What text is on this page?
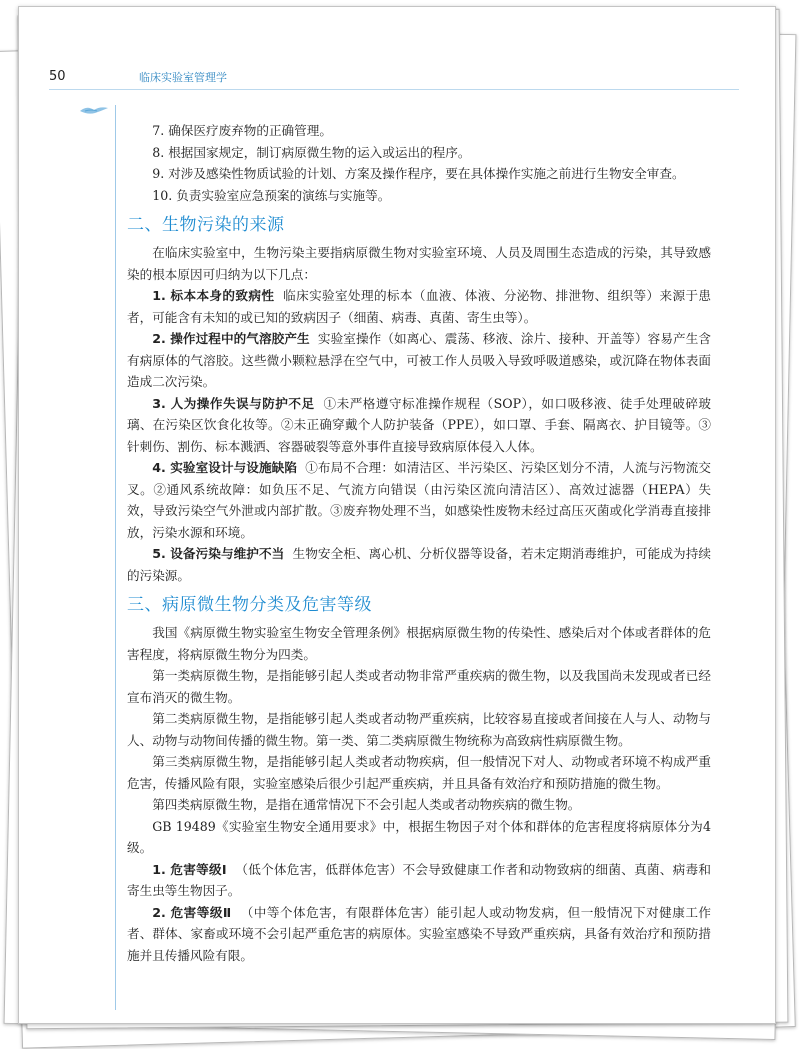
50	临床实验室管理学

7. 确保医疗废弃物的正确管理。

8. 根据国家规定，制订病原微生物的运入或运出的程序。

9. 对涉及感染性物质试验的计划、方案及操作程序，要在具体操作实施之前进行生物安全审查。

10. 负责实验室应急预案的演练与实施等。

二、生物污染的来源

在临床实验室中，生物污染主要指病原微生物对实验室环境、人员及周围生态造成的污染，其导致感染的根本原因可归纳为以下几点：

1. 标本本身的致病性 临床实验室处理的标本（血液、体液、分泌物、排泄物、组织等）来源于患者，可能含有未知的或已知的致病因子（细菌、病毒、真菌、寄生虫等）。

2. 操作过程中的气溶胶产生 实验室操作（如离心、震荡、移液、涂片、接种、开盖等）容易产生含有病原体的气溶胶。这些微小颗粒悬浮在空气中，可被工作人员吸入导致呼吸道感染，或沉降在物体表面造成二次污染。

3. 人为操作失误与防护不足 ①未严格遵守标准操作规程（SOP），如口吸移液、徒手处理破碎玻璃、在污染区饮食化妆等。②未正确穿戴个人防护装备（PPE），如口罩、手套、隔离衣、护目镜等。③针刺伤、割伤、标本溅洒、容器破裂等意外事件直接导致病原体侵入人体。

4. 实验室设计与设施缺陷 ①布局不合理：如清洁区、半污染区、污染区划分不清，人流与污物流交叉。②通风系统故障：如负压不足、气流方向错误（由污染区流向清洁区）、高效过滤器（HEPA）失效，导致污染空气外泄或内部扩散。③废弃物处理不当，如感染性废物未经过高压灭菌或化学消毒直接排放，污染水源和环境。

5. 设备污染与维护不当 生物安全柜、离心机、分析仪器等设备，若未定期消毒维护，可能成为持续的污染源。

三、病原微生物分类及危害等级

我国《病原微生物实验室生物安全管理条例》根据病原微生物的传染性、感染后对个体或者群体的危害程度，将病原微生物分为四类。

第一类病原微生物，是指能够引起人类或者动物非常严重疾病的微生物，以及我国尚未发现或者已经宣布消灭的微生物。

第二类病原微生物，是指能够引起人类或者动物严重疾病，比较容易直接或者间接在人与人、动物与人、动物与动物间传播的微生物。第一类、第二类病原微生物统称为高致病性病原微生物。

第三类病原微生物，是指能够引起人类或者动物疾病，但一般情况下对人、动物或者环境不构成严重危害，传播风险有限，实验室感染后很少引起严重疾病，并且具备有效治疗和预防措施的微生物。

第四类病原微生物，是指在通常情况下不会引起人类或者动物疾病的微生物。

GB 19489《实验室生物安全通用要求》中，根据生物因子对个体和群体的危害程度将病原体分为4级。

1. 危害等级Ⅰ （低个体危害，低群体危害）不会导致健康工作者和动物致病的细菌、真菌、病毒和寄生虫等生物因子。

2. 危害等级Ⅱ （中等个体危害，有限群体危害）能引起人或动物发病，但一般情况下对健康工作者、群体、家畜或环境不会引起严重危害的病原体。实验室感染不导致严重疾病，具备有效治疗和预防措施并且传播风险有限。
